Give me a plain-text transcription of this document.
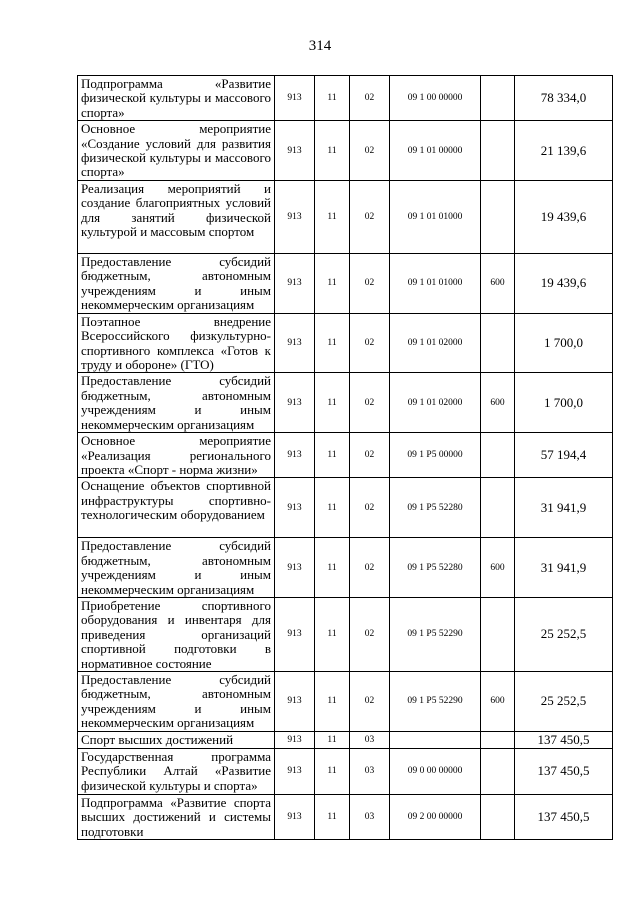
314
Подпрограмма «Развитие физической культуры и массового спорта»	913	11	02	09 1 00 00000		78 334,0
Основное мероприятие «Создание условий для развития физической культуры и массового спорта»	913	11	02	09 1 01 00000		21 139,6
Реализация мероприятий и создание благоприятных условий для занятий физической культурой и массовым спортом	913	11	02	09 1 01 01000		19 439,6
Предоставление субсидий бюджетным, автономным учреждениям и иным некоммерческим организациям	913	11	02	09 1 01 01000	600	19 439,6
Поэтапное внедрение Всероссийского физкультурно-спортивного комплекса «Готов к труду и обороне» (ГТО)	913	11	02	09 1 01 02000		1 700,0
Предоставление субсидий бюджетным, автономным учреждениям и иным некоммерческим организациям	913	11	02	09 1 01 02000	600	1 700,0
Основное мероприятие «Реализация регионального проекта «Спорт - норма жизни»	913	11	02	09 1 P5 00000		57 194,4
Оснащение объектов спортивной инфраструктуры спортивно-технологическим оборудованием	913	11	02	09 1 P5 52280		31 941,9
Предоставление субсидий бюджетным, автономным учреждениям и иным некоммерческим организациям	913	11	02	09 1 P5 52280	600	31 941,9
Приобретение спортивного оборудования и инвентаря для приведения организаций спортивной подготовки в нормативное состояние	913	11	02	09 1 P5 52290		25 252,5
Предоставление субсидий бюджетным, автономным учреждениям и иным некоммерческим организациям	913	11	02	09 1 P5 52290	600	25 252,5
Спорт высших достижений	913	11	03			137 450,5
Государственная программа Республики Алтай «Развитие физической культуры и спорта»	913	11	03	09 0 00 00000		137 450,5
Подпрограмма «Развитие спорта высших достижений и системы подготовки	913	11	03	09 2 00 00000		137 450,5
